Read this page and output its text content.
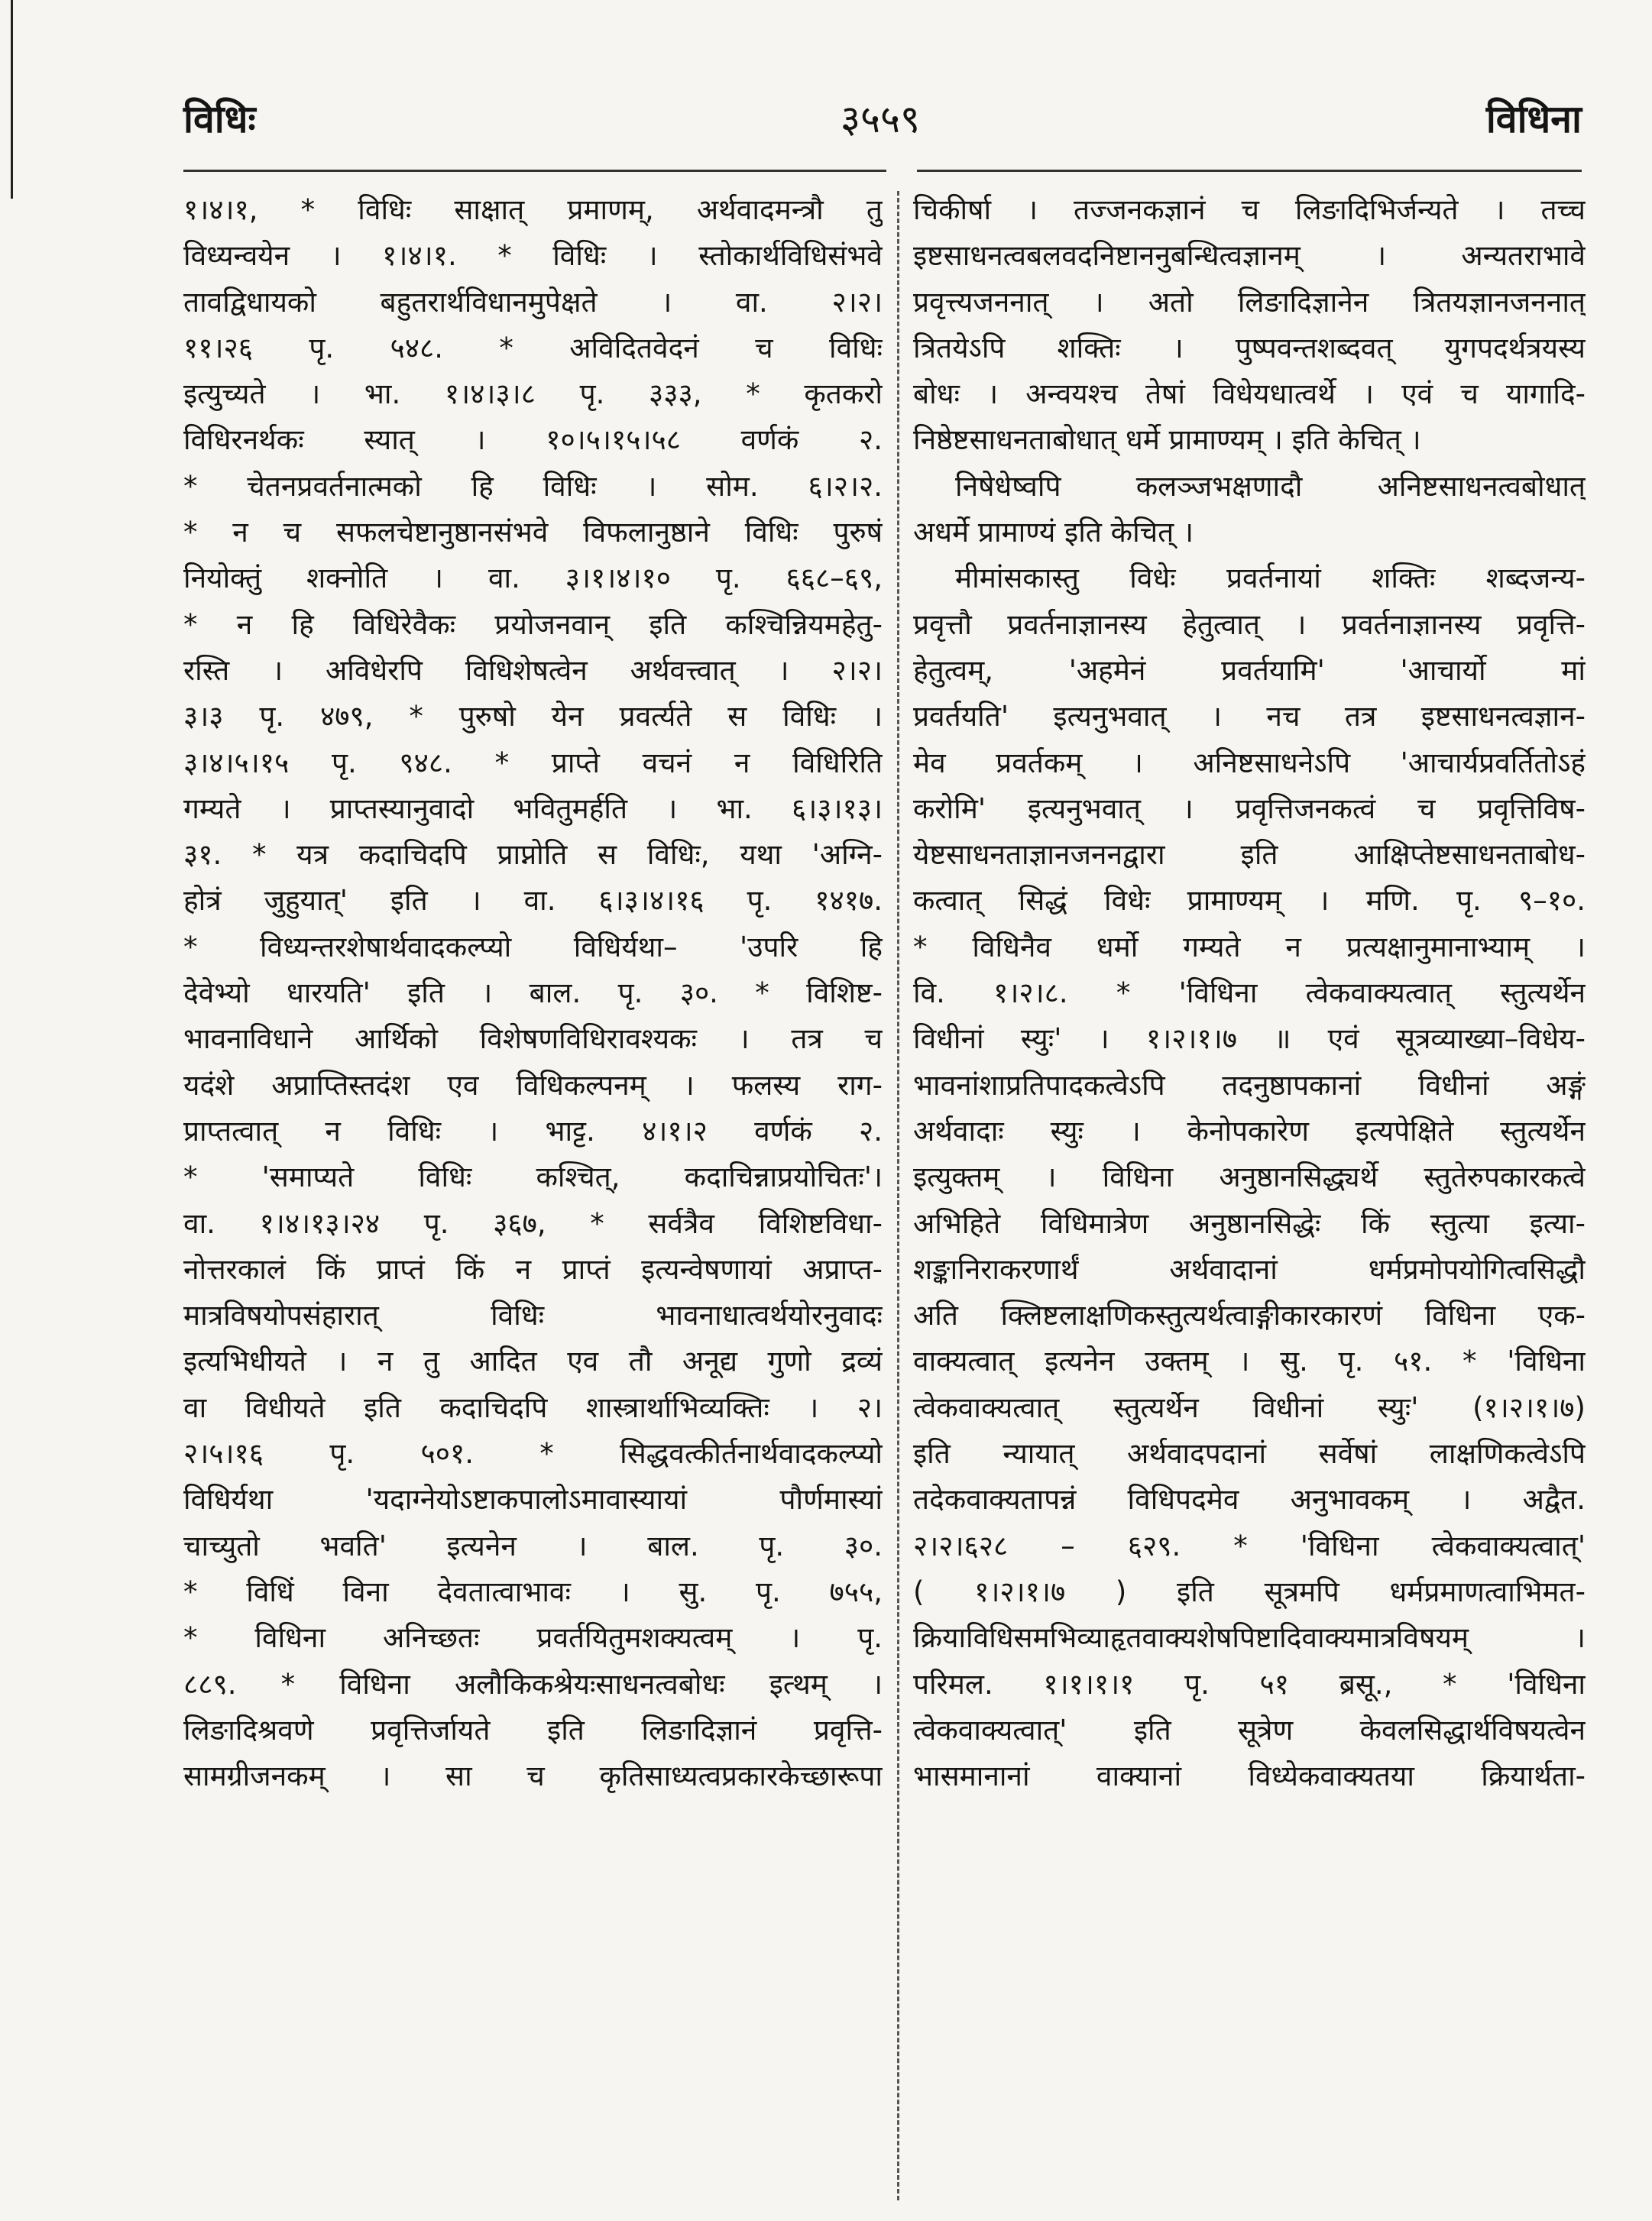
विधिः	३५५९	विधिना
१।४।१, * विधिः साक्षात् प्रमाणम्, अर्थवादमन्त्रौ तु
विध्यन्वयेन । १।४।१. * विधिः । स्तोकार्थविधिसंभवे
तावद्विधायको बहुतरार्थविधानमुपेक्षते । वा. २।२।
११।२६ पृ. ५४८. * अविदितवेदनं च विधिः
इत्युच्यते । भा. १।४।३।८ पृ. ३३३, * कृतकरो
विधिरनर्थकः स्यात् । १०।५।१५।५८ वर्णकं २.
* चेतनप्रवर्तनात्मको हि विधिः । सोम. ६।२।२.
* न च सफलचेष्टानुष्ठानसंभवे विफलानुष्ठाने विधिः पुरुषं
नियोक्तुं शक्नोति । वा. ३।१।४।१० पृ. ६६८–६९,
* न हि विधिरेवैकः प्रयोजनवान् इति कश्चिन्नियमहेतु-
रस्ति । अविधेरपि विधिशेषत्वेन अर्थवत्त्वात् । २।२।
३।३ पृ. ४७९, * पुरुषो येन प्रवर्त्यते स विधिः ।
३।४।५।१५ पृ. ९४८. * प्राप्ते वचनं न विधिरिति
गम्यते । प्राप्तस्यानुवादो भवितुमर्हति । भा. ६।३।१३।
३१. * यत्र कदाचिदपि प्राप्नोति स विधिः, यथा 'अग्नि-
होत्रं जुहुयात्' इति । वा. ६।३।४।१६ पृ. १४१७.
* विध्यन्तरशेषार्थवादकल्प्यो विधिर्यथा– 'उपरि हि
देवेभ्यो धारयति' इति । बाल. पृ. ३०. * विशिष्ट-
भावनाविधाने आर्थिको विशेषणविधिरावश्यकः । तत्र च
यदंशे अप्राप्तिस्तदंश एव विधिकल्पनम् । फलस्य राग-
प्राप्तत्वात् न विधिः । भाट्ट. ४।१।२ वर्णकं २.
* 'समाप्यते विधिः कश्चित्, कदाचिन्नाप्रयोचितः'।
वा. १।४।१३।२४ पृ. ३६७, * सर्वत्रैव विशिष्टविधा-
नोत्तरकालं किं प्राप्तं किं न प्राप्तं इत्यन्वेषणायां अप्राप्त-
मात्रविषयोपसंहारात् विधिः भावनाधात्वर्थयोरनुवादः
इत्यभिधीयते । न तु आदित एव तौ अनूद्य गुणो द्रव्यं
वा विधीयते इति कदाचिदपि शास्त्रार्थाभिव्यक्तिः । २।
२।५।१६ पृ. ५०१. * सिद्धवत्कीर्तनार्थवादकल्प्यो
विधिर्यथा 'यदाग्नेयोऽष्टाकपालोऽमावास्यायां पौर्णमास्यां
चाच्युतो भवति' इत्यनेन । बाल. पृ. ३०.
* विधिं विना देवतात्वाभावः । सु. पृ. ७५५,
* विधिना अनिच्छतः प्रवर्तयितुमशक्यत्वम् । पृ.
८८९. * विधिना अलौकिकश्रेयःसाधनत्वबोधः इत्थम् ।
लिङादिश्रवणे प्रवृत्तिर्जायते इति लिङादिज्ञानं प्रवृत्ति-
सामग्रीजनकम् । सा च कृतिसाध्यत्वप्रकारकेच्छारूपा
चिकीर्षा । तज्जनकज्ञानं च लिङादिभिर्जन्यते । तच्च
इष्टसाधनत्वबलवदनिष्टाननुबन्धित्वज्ञानम् । अन्यतराभावे
प्रवृत्त्यजननात् । अतो लिङादिज्ञानेन त्रितयज्ञानजननात्
त्रितयेऽपि शक्तिः । पुष्पवन्तशब्दवत् युगपदर्थत्रयस्य
बोधः । अन्वयश्च तेषां विधेयधात्वर्थे । एवं च यागादि-
निष्ठेष्टसाधनताबोधात् धर्मे प्रामाण्यम् । इति केचित् ।
निषेधेष्वपि कलञ्जभक्षणादौ अनिष्टसाधनत्वबोधात्
अधर्मे प्रामाण्यं इति केचित् ।
मीमांसकास्तु विधेः प्रवर्तनायां शक्तिः शब्दजन्य-
प्रवृत्तौ प्रवर्तनाज्ञानस्य हेतुत्वात् । प्रवर्तनाज्ञानस्य प्रवृत्ति-
हेतुत्वम्, 'अहमेनं प्रवर्तयामि' 'आचार्यो मां
प्रवर्तयति' इत्यनुभवात् । नच तत्र इष्टसाधनत्वज्ञान-
मेव प्रवर्तकम् । अनिष्टसाधनेऽपि 'आचार्यप्रवर्तितोऽहं
करोमि' इत्यनुभवात् । प्रवृत्तिजनकत्वं च प्रवृत्तिविष-
येष्टसाधनताज्ञानजननद्वारा इति आक्षिप्तेष्टसाधनताबोध-
कत्वात् सिद्धं विधेः प्रामाण्यम् । मणि. पृ. ९–१०.
* विधिनैव धर्मो गम्यते न प्रत्यक्षानुमानाभ्याम् ।
वि. १।२।८. * 'विधिना त्वेकवाक्यत्वात् स्तुत्यर्थेन
विधीनां स्युः' । १।२।१।७ ॥ एवं सूत्रव्याख्या–विधेय-
भावनांशाप्रतिपादकत्वेऽपि तदनुष्ठापकानां विधीनां अङ्गं
अर्थवादाः स्युः । केनोपकारेण इत्यपेक्षिते स्तुत्यर्थेन
इत्युक्तम् । विधिना अनुष्ठानसिद्ध्यर्थे स्तुतेरुपकारकत्वे
अभिहिते विधिमात्रेण अनुष्ठानसिद्धेः किं स्तुत्या इत्या-
शङ्कानिराकरणार्थं अर्थवादानां धर्मप्रमोपयोगित्वसिद्धौ
अति क्लिष्टलाक्षणिकस्तुत्यर्थत्वाङ्गीकारकारणं विधिना एक-
वाक्यत्वात् इत्यनेन उक्तम् । सु. पृ. ५१. * 'विधिना
त्वेकवाक्यत्वात् स्तुत्यर्थेन विधीनां स्युः' (१।२।१।७)
इति न्यायात् अर्थवादपदानां सर्वेषां लाक्षणिकत्वेऽपि
तदेकवाक्यतापन्नं विधिपदमेव अनुभावकम् । अद्वैत.
२।२।६२८ – ६२९. * 'विधिना त्वेकवाक्यत्वात्'
( १।२।१।७ ) इति सूत्रमपि धर्मप्रमाणत्वाभिमत-
क्रियाविधिसमभिव्याहृतवाक्यशेषपिष्टादिवाक्यमात्रविषयम् ।
परिमल. १।१।१।१ पृ. ५१ ब्रसू., * 'विधिना
त्वेकवाक्यत्वात्' इति सूत्रेण केवलसिद्धार्थविषयत्वेन
भासमानानां वाक्यानां विध्येकवाक्यतया क्रियार्थता-
